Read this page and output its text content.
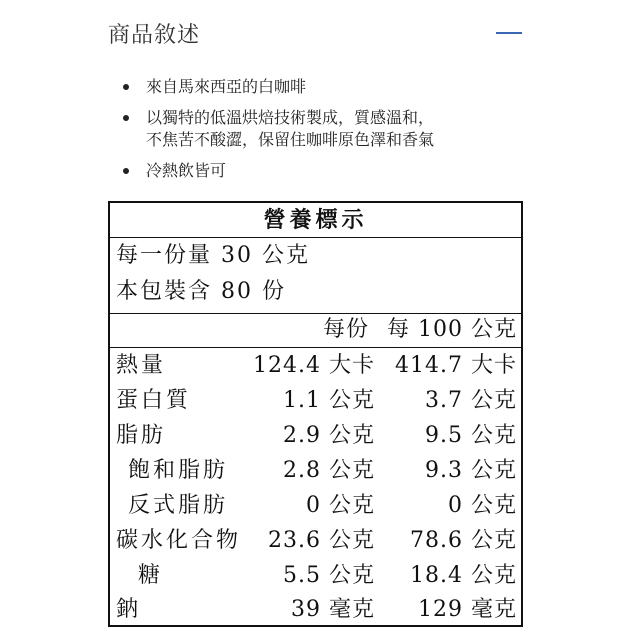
商品敘述
來自馬來西亞的白咖啡
以獨特的低溫烘焙技術製成，質感溫和，
不焦苦不酸澀，保留住咖啡原色澤和香氣
冷熱飲皆可
營養標示
每一份量 30 公克
本包裝含 80 份
每份 每 100 公克
熱量	124.4 大卡 414.7 大卡
蛋白質	1.1 公克 3.7 公克
脂肪	2.9 公克 9.5 公克
飽和脂肪	2.8 公克 9.3 公克
反式脂肪	0 公克	0 公克
碳水化合物 23.6 公克 78.6 公克
糖	5.5 公克 18.4 公克
鈉	39 毫克 129 毫克
